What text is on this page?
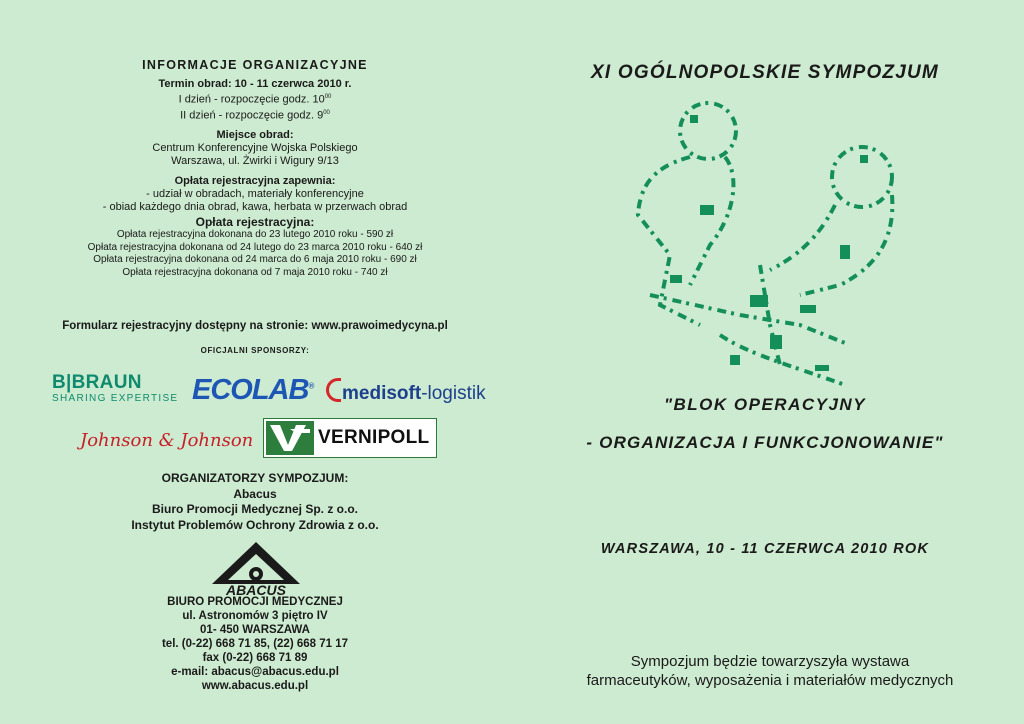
INFORMACJE ORGANIZACYJNE
Termin obrad: 10 - 11 czerwca 2010 r.
I dzień - rozpoczęcie godz. $10^{00}$
II dzień - rozpoczęcie godz. $9^{00}$
Miejsce obrad:
Centrum Konferencyjne Wojska Polskiego
Warszawa, ul. Żwirki i Wigury 9/13
Opłata rejestracyjna zapewnia:
- udział w obradach, materiały konferencyjne
- obiad każdego dnia obrad, kawa, herbata w przerwach obrad
Opłata rejestracyjna:
Opłata rejestracyjna dokonana do 23 lutego 2010 roku - 590 zł
Opłata rejestracyjna dokonana od 24 lutego do 23 marca 2010 roku - 640 zł
Opłata rejestracyjna dokonana od 24 marca do 6 maja 2010 roku - 690 zł
Opłata rejestracyjna dokonana od 7 maja 2010 roku - 740 zł
Formularz rejestracyjny dostępny na stronie: www.prawoimedycyna.pl
OFICJALNI SPONSORZY:
B|BRAUN
SHARING EXPERTISE ECOLAB®	medisoft-logistik
Johnson & Johnson	VERNIPOLL
ORGANIZATORZY SYMPOZJUM:
Abacus
Biuro Promocji Medycznej Sp. z o.o.
Instytut Problemów Ochrony Zdrowia z o.o.
ABACUS
BIURO PROMOCJI MEDYCZNEJ
ul. Astronomów 3 piętro IV
01- 450 WARSZAWA
tel. (0-22) 668 71 85, (22) 668 71 17
fax (0-22) 668 71 89
e-mail: abacus@abacus.edu.pl
www.abacus.edu.pl
XI OGÓLNOPOLSKIE SYMPOZJUM
"BLOK OPERACYJNY
- ORGANIZACJA I FUNKCJONOWANIE"
WARSZAWA, 10 - 11 CZERWCA 2010 ROK
Sympozjum będzie towarzyszyła wystawa
farmaceutyków, wyposażenia i materiałów medycznych
